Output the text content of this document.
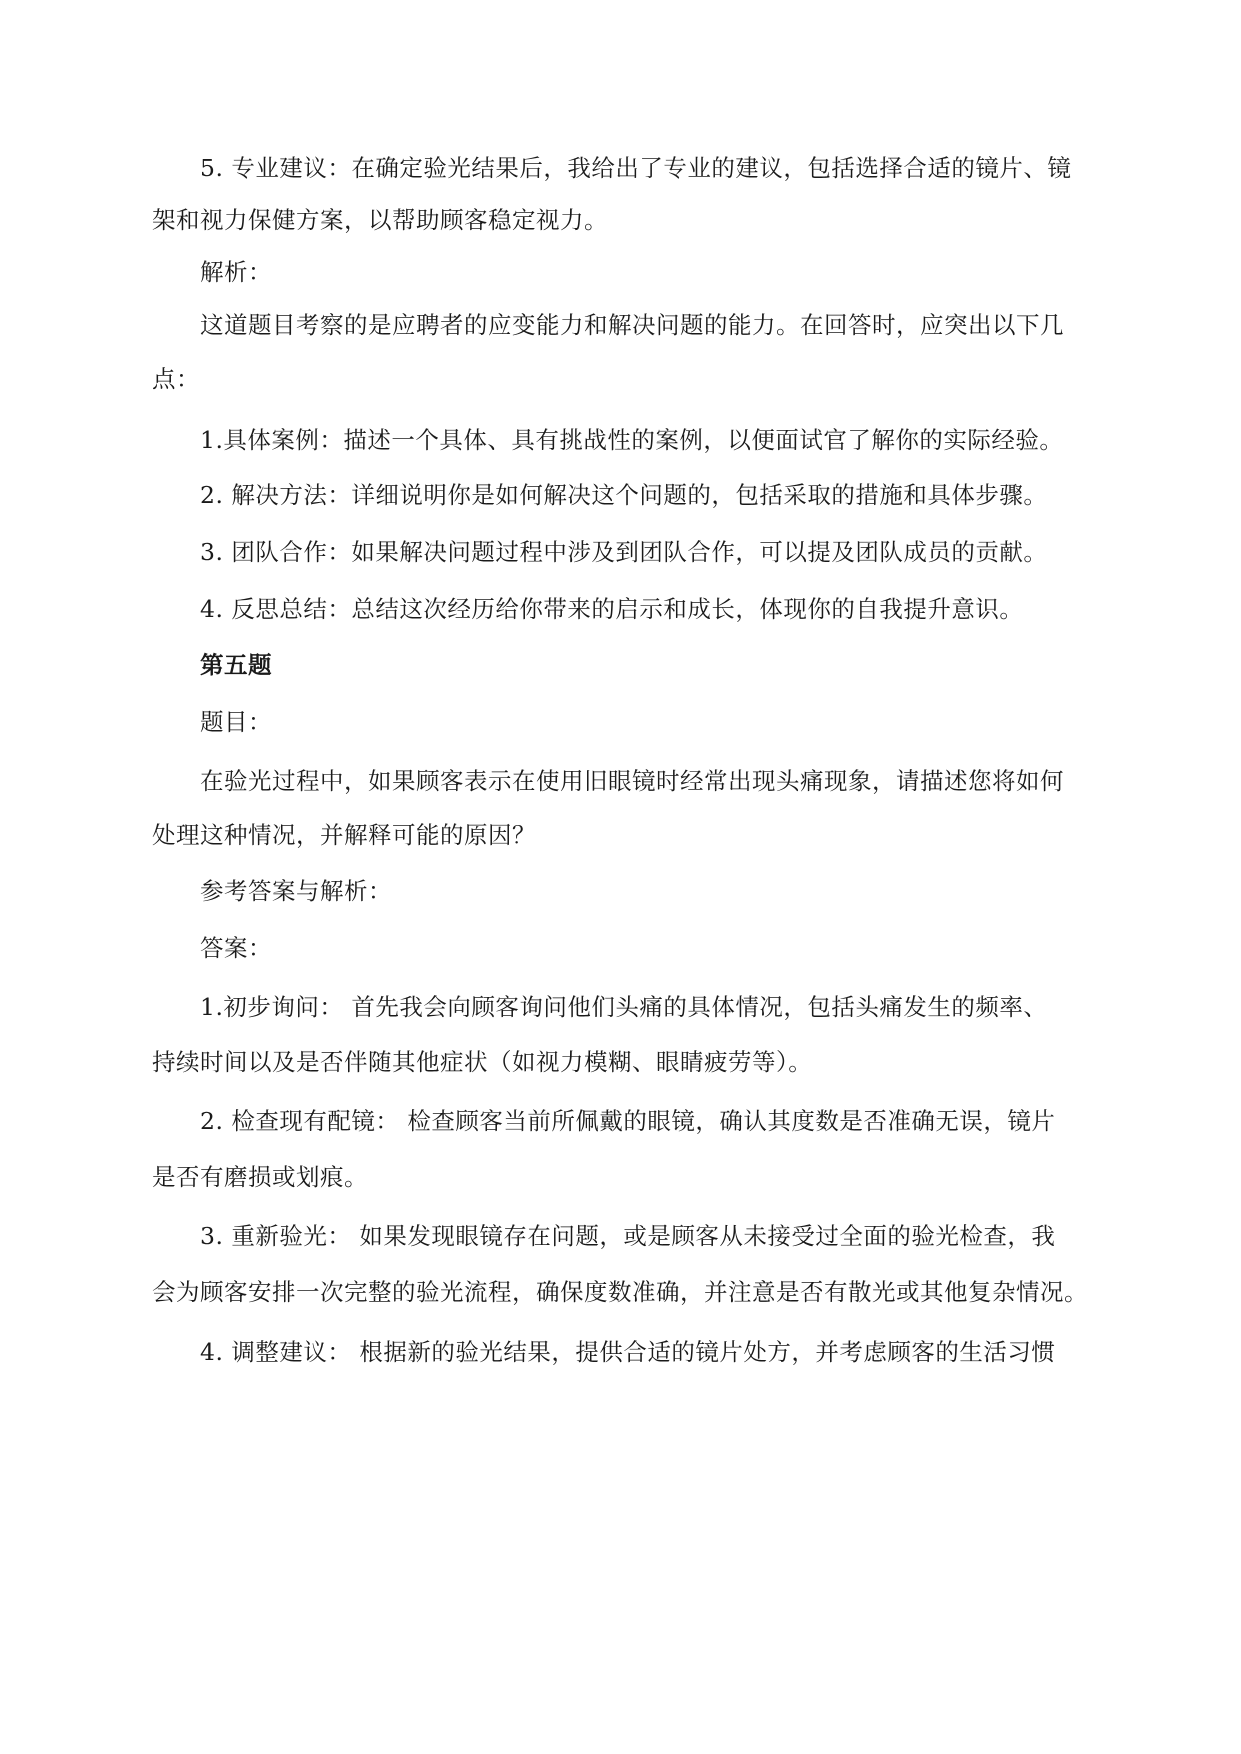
5. 专业建议：在确定验光结果后，我给出了专业的建议，包括选择合适的镜片、镜
架和视力保健方案，以帮助顾客稳定视力。
解析：
这道题目考察的是应聘者的应变能力和解决问题的能力。在回答时，应突出以下几
点：
1.具体案例：描述一个具体、具有挑战性的案例，以便面试官了解你的实际经验。
2. 解决方法：详细说明你是如何解决这个问题的，包括采取的措施和具体步骤。
3. 团队合作：如果解决问题过程中涉及到团队合作，可以提及团队成员的贡献。
4. 反思总结：总结这次经历给你带来的启示和成长，体现你的自我提升意识。
第五题
题目：
在验光过程中，如果顾客表示在使用旧眼镜时经常出现头痛现象，请描述您将如何
处理这种情况，并解释可能的原因？
参考答案与解析：
答案：
1.初步询问： 首先我会向顾客询问他们头痛的具体情况，包括头痛发生的频率、
持续时间以及是否伴随其他症状（如视力模糊、眼睛疲劳等）。
2. 检查现有配镜： 检查顾客当前所佩戴的眼镜，确认其度数是否准确无误，镜片
是否有磨损或划痕。
3. 重新验光： 如果发现眼镜存在问题，或是顾客从未接受过全面的验光检查，我
会为顾客安排一次完整的验光流程，确保度数准确，并注意是否有散光或其他复杂情况。
4. 调整建议： 根据新的验光结果，提供合适的镜片处方，并考虑顾客的生活习惯
